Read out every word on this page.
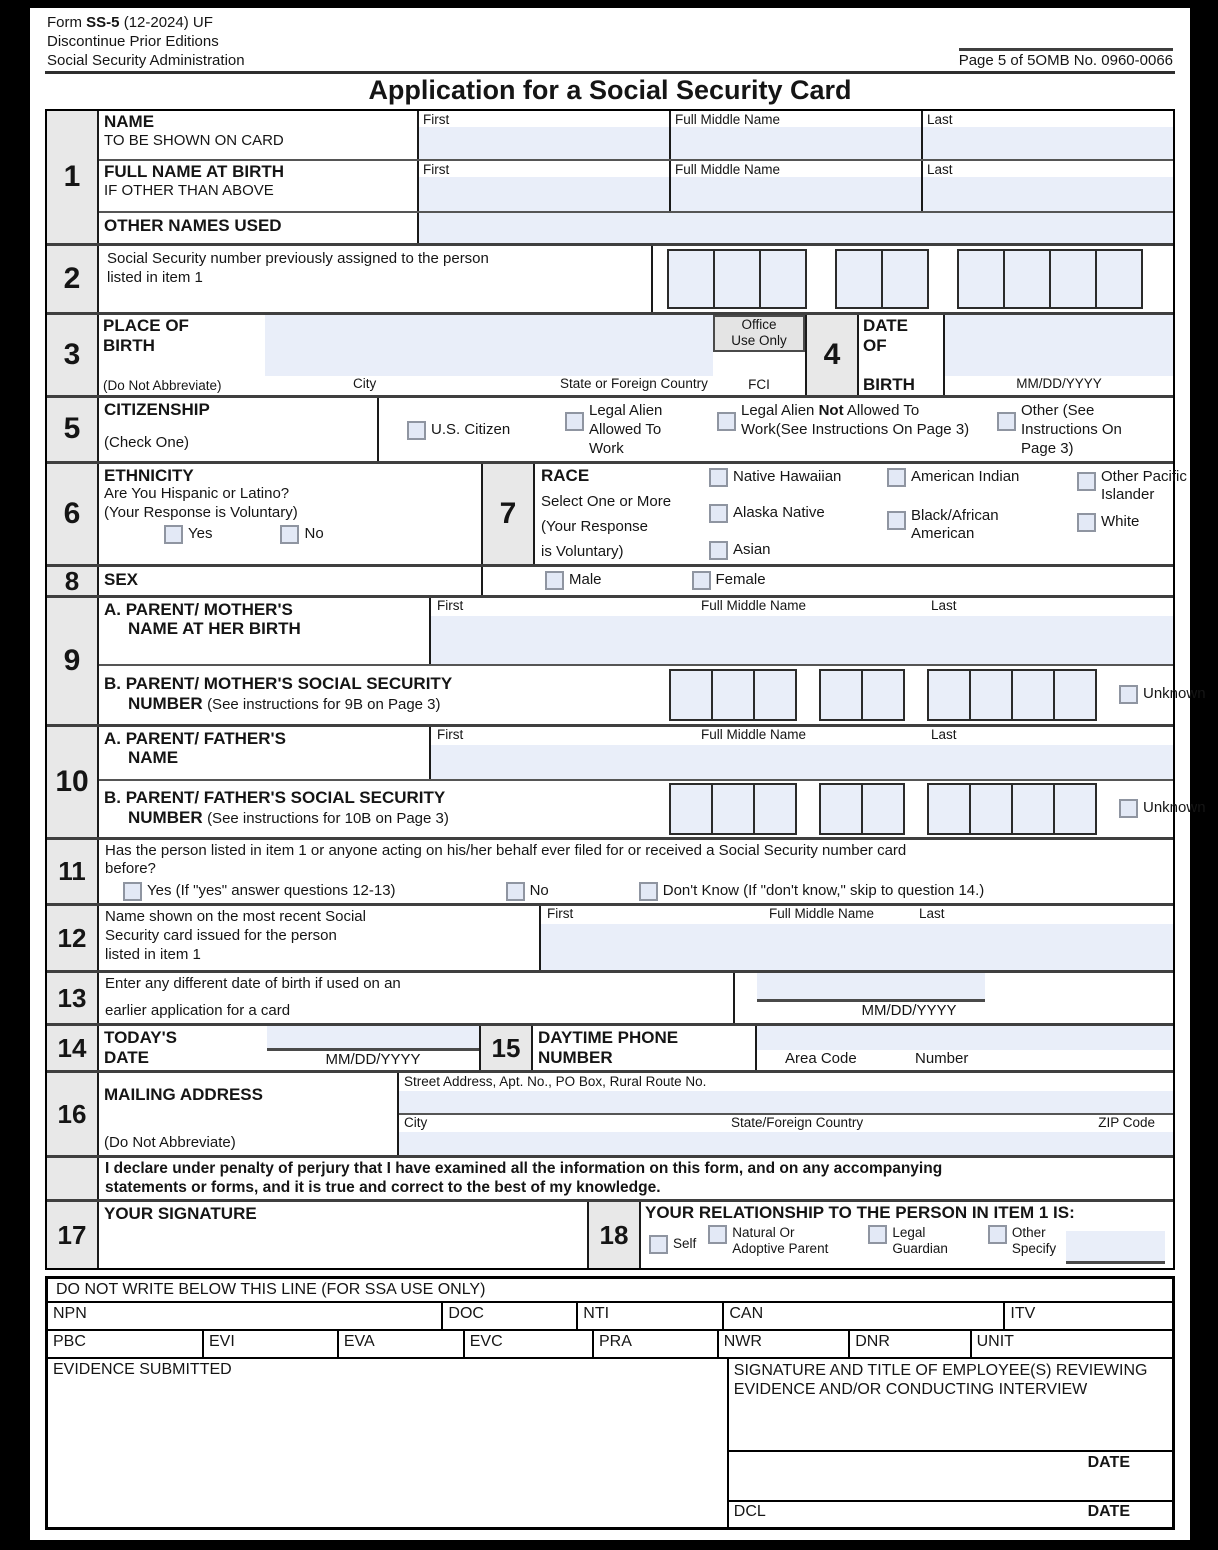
Form SS-5 (12-2024) UF
Discontinue Prior Editions
Social Security Administration	Page 5 of 5 OMB No. 0960-0066
Application for a Social Security Card
1
NAME
TO BE SHOWN ON CARD
First	Full Middle Name	Last
FULL NAME AT BIRTH
IF OTHER THAN ABOVE
First	Full Middle Name	Last
OTHER NAMES USED
2
Social Security number previously assigned to the person
listed in item 1
3
PLACE OF
BIRTH
(Do Not Abbreviate)	City	State or Foreign Country
Office
Use Only
FCI
4
DATE
OF
BIRTH	MM/DD/YYYY
5
CITIZENSHIP
(Check One)
U.S. Citizen
Legal Alien Allowed To Work
Legal Alien Not Allowed To Work(See Instructions On Page 3)
Other (See Instructions On Page 3)
6
ETHNICITY
Are You Hispanic or Latino?
(Your Response is Voluntary)
Yes	No
7
RACE
Select One or More
(Your Response
is Voluntary)
Native Hawaiian
Alaska Native
Asian
American Indian
Black/African American
Other Pacific Islander
White
8	SEX	Male	Female
9
A. PARENT/ MOTHER'S
NAME AT HER BIRTH
First	Full Middle Name	Last
B. PARENT/ MOTHER'S SOCIAL SECURITY
NUMBER (See instructions for 9B on Page 3)
Unknown
10
A. PARENT/ FATHER'S
NAME
First	Full Middle Name	Last
B. PARENT/ FATHER'S SOCIAL SECURITY
NUMBER (See instructions for 10B on Page 3)
Unknown
11
Has the person listed in item 1 or anyone acting on his/her behalf ever filed for or received a Social Security number card
before?
Yes (If "yes" answer questions 12-13)	No	Don't Know (If "don't know," skip to question 14.)
12
Name shown on the most recent Social
Security card issued for the person
listed in item 1
First	Full Middle Name	Last
13	Enter any different date of birth if used on an
earlier application for a card	MM/DD/YYYY
14	TODAY'S
DATE	MM/DD/YYYY	15	DAYTIME PHONE
NUMBER	Area Code	Number
16
MAILING ADDRESS
(Do Not Abbreviate)
Street Address, Apt. No., PO Box, Rural Route No.
City	State/Foreign Country	ZIP Code
I declare under penalty of perjury that I have examined all the information on this form, and on any accompanying
statements or forms, and it is true and correct to the best of my knowledge.
17
YOUR SIGNATURE
18
YOUR RELATIONSHIP TO THE PERSON IN ITEM 1 IS:
Self
Natural Or
Adoptive Parent
Legal
Guardian
Other
Specify
DO NOT WRITE BELOW THIS LINE (FOR SSA USE ONLY)
NPN	DOC	NTI	CAN	ITV
PBC	EVI	EVA	EVC	PRA	NWR	DNR	UNIT
EVIDENCE SUBMITTED	SIGNATURE AND TITLE OF EMPLOYEE(S) REVIEWING EVIDENCE AND/OR CONDUCTING INTERVIEW
DATE
DCL	DATE
